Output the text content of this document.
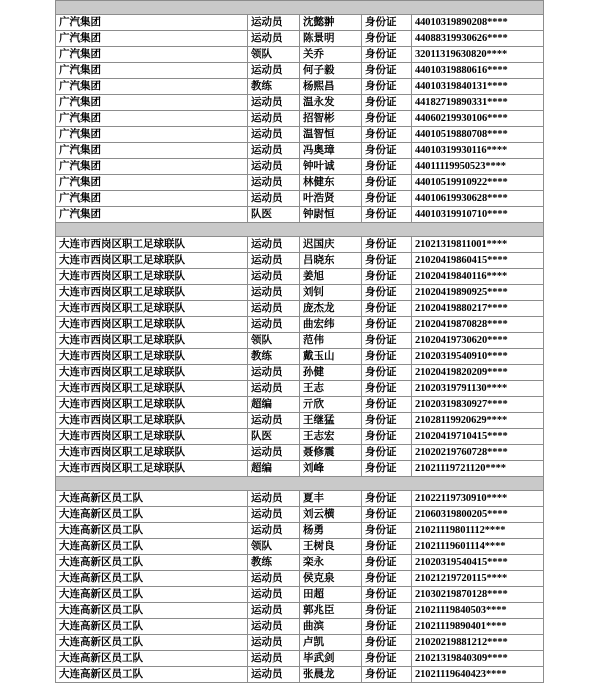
广汽集团	运动员	沈懿翀	身份证	44010319890208****
广汽集团	运动员	陈景明	身份证	44088319930626****
广汽集团	领队	关乔	身份证	32011319630820****
广汽集团	运动员	何子毅	身份证	44010319880616****
广汽集团	教练	杨熙昌	身份证	44010319840131****
广汽集团	运动员	温永发	身份证	44182719890331****
广汽集团	运动员	招智彬	身份证	44060219930106****
广汽集团	运动员	温智恒	身份证	44010519880708****
广汽集团	运动员	冯奥璋	身份证	44010319930116****
广汽集团	运动员	钟叶诚	身份证	44011119950523****
广汽集团	运动员	林健东	身份证	44010519910922****
广汽集团	运动员	叶浩贤	身份证	44010619930628****
广汽集团	队医	钟尉恒	身份证	44010319910710****

大连市西岗区职工足球联队	运动员	迟国庆	身份证	21021319811001****
大连市西岗区职工足球联队	运动员	吕晓东	身份证	21020419860415****
大连市西岗区职工足球联队	运动员	姜旭	身份证	21020419840116****
大连市西岗区职工足球联队	运动员	刘钊	身份证	21020419890925****
大连市西岗区职工足球联队	运动员	庞杰龙	身份证	21020419880217****
大连市西岗区职工足球联队	运动员	曲宏纬	身份证	21020419870828****
大连市西岗区职工足球联队	领队	范伟	身份证	21020419730620****
大连市西岗区职工足球联队	教练	戴玉山	身份证	21020319540910****
大连市西岗区职工足球联队	运动员	孙健	身份证	21020419820209****
大连市西岗区职工足球联队	运动员	王志	身份证	21020319791130****
大连市西岗区职工足球联队	超编	亓欣	身份证	21020319830927****
大连市西岗区职工足球联队	运动员	王继猛	身份证	21028119920629****
大连市西岗区职工足球联队	队医	王志宏	身份证	21020419710415****
大连市西岗区职工足球联队	运动员	聂修震	身份证	21020219760728****
大连市西岗区职工足球联队	超编	刘峰	身份证	21021119721120****

大连高新区员工队	运动员	夏丰	身份证	21022119730910****
大连高新区员工队	运动员	刘云横	身份证	21060319800205****
大连高新区员工队	运动员	杨勇	身份证	21021119801112****
大连高新区员工队	领队	王树良	身份证	21021119601114****
大连高新区员工队	教练	栾永	身份证	21020319540415****
大连高新区员工队	运动员	侯克泉	身份证	21021219720115****
大连高新区员工队	运动员	田超	身份证	21030219870128****
大连高新区员工队	运动员	郭兆臣	身份证	21021119840503****
大连高新区员工队	运动员	曲滨	身份证	21021119890401****
大连高新区员工队	运动员	卢凯	身份证	21020219881212****
大连高新区员工队	运动员	毕武剑	身份证	21021319840309****
大连高新区员工队	运动员	张晨龙	身份证	21021119640423****
